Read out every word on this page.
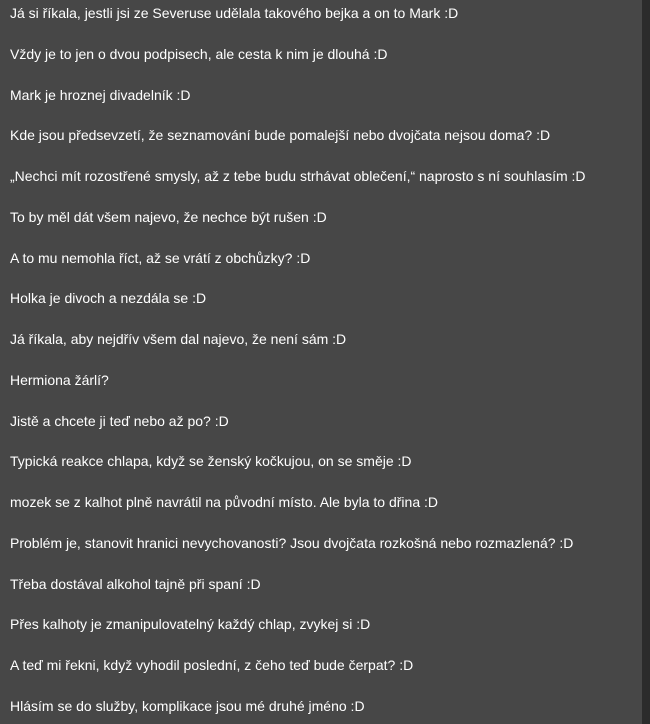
Já si říkala, jestli jsi ze Severuse udělala takového bejka a on to Mark :D
Vždy je to jen o dvou podpisech, ale cesta k nim je dlouhá :D
Mark je hroznej divadelník :D
Kde jsou předsevzetí, že seznamování bude pomalejší nebo dvojčata nejsou doma? :D
„Nechci mít rozostřené smysly, až z tebe budu strhávat oblečení,“ naprosto s ní souhlasím :D
To by měl dát všem najevo, že nechce být rušen :D
A to mu nemohla říct, až se vrátí z obchůzky? :D
Holka je divoch a nezdála se :D
Já říkala, aby nejdřív všem dal najevo, že není sám :D
Hermiona žárlí?
Jistě a chcete ji teď nebo až po? :D
Typická reakce chlapa, když se ženský kočkujou, on se směje :D
mozek se z kalhot plně navrátil na původní místo. Ale byla to dřina :D
Problém je, stanovit hranici nevychovanosti? Jsou dvojčata rozkošná nebo rozmazlená? :D
Třeba dostával alkohol tajně při spaní :D
Přes kalhoty je zmanipulovatelný každý chlap, zvykej si :D
A teď mi řekni, když vyhodil poslední, z čeho teď bude čerpat? :D
Hlásím se do služby, komplikace jsou mé druhé jméno :D
